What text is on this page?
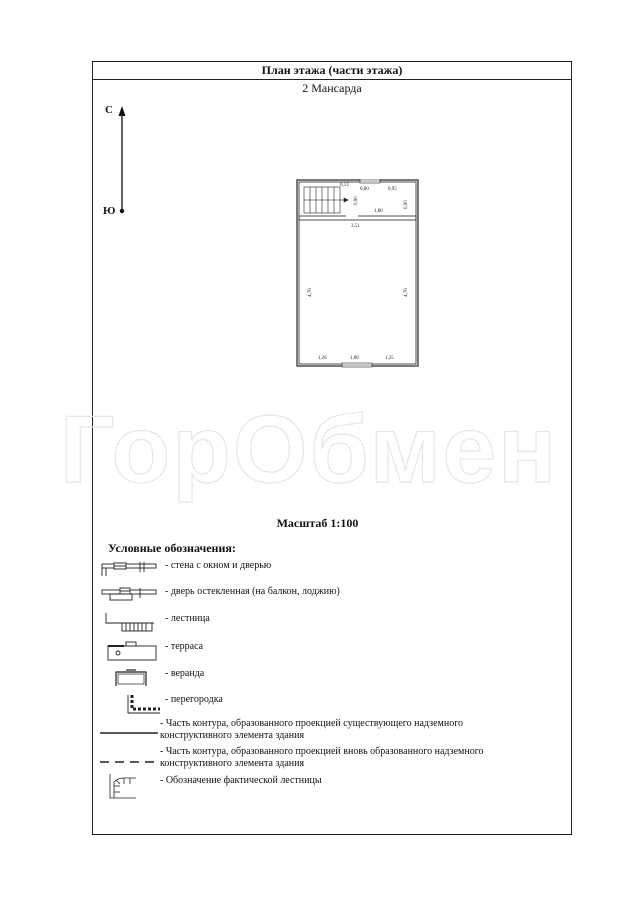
План этажа (части этажа)
2 Мансарда
С
Ю
ГорОбмен
0,13
0,80	0,95
0,90	0,90
1,80
3,51
4,76	4,76
1,26	1,00	1,25
Масштаб 1:100
Условные обозначения:
- стена с окном и дверью
- дверь остекленная (на балкон, лоджию)
- лестница
- терраса
- веранда
- перегородка
- Часть контура, образованного проекцией существующего надземного конструктивного элемента здания
- Часть контура, образованного проекцией вновь образованного надземного конструктивного элемента здания
- Обозначение фактической лестницы
